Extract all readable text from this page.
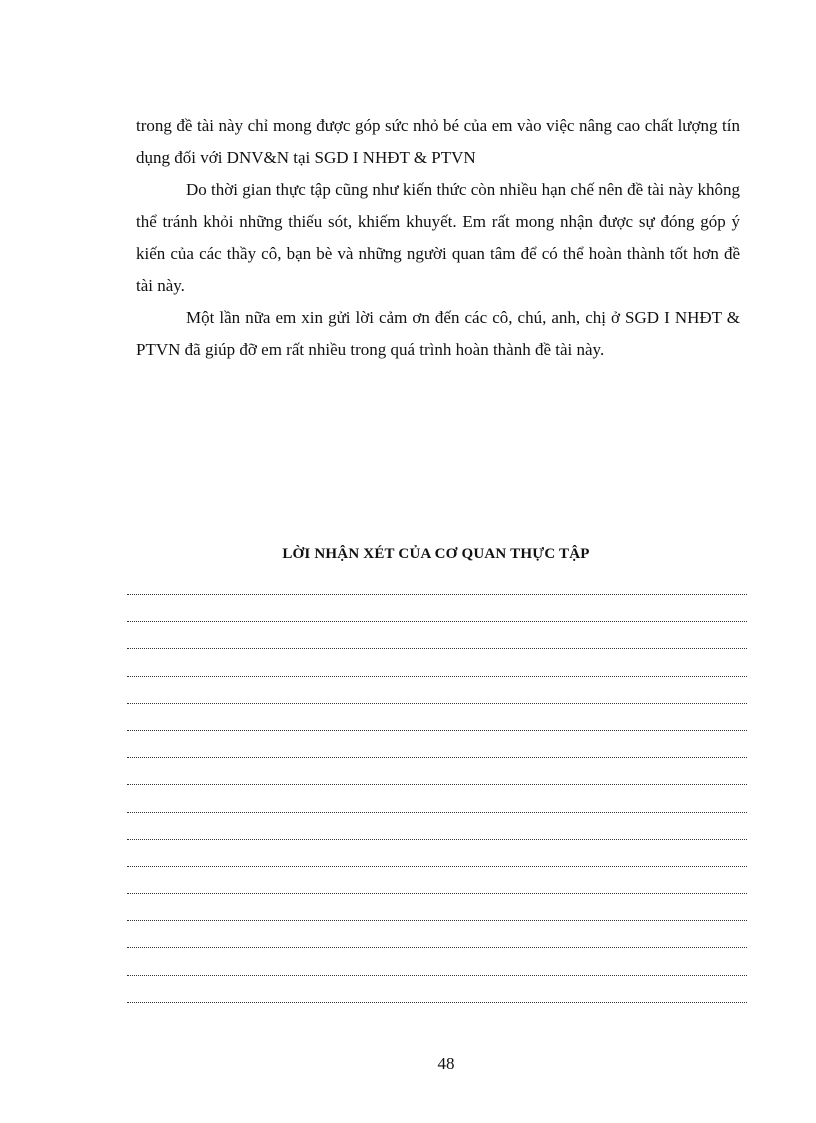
trong đề tài này chỉ mong được góp sức nhỏ bé của em vào việc nâng cao chất lượng tín dụng đối với DNV&N tại SGD I NHĐT & PTVN

Do thời gian thực tập cũng như kiến thức còn nhiều hạn chế nên đề tài này không thể tránh khỏi những thiếu sót, khiếm khuyết. Em rất mong nhận được sự đóng góp ý kiến của các thầy cô, bạn bè và những người quan tâm để có thể hoàn thành tốt hơn đề tài này.

Một lần nữa em xin gửi lời cảm ơn đến các cô, chú, anh, chị ở SGD I NHĐT & PTVN đã giúp đỡ em rất nhiều trong quá trình hoàn thành đề tài này.

LỜI NHẬN XÉT CỦA CƠ QUAN THỰC TẬP
48
